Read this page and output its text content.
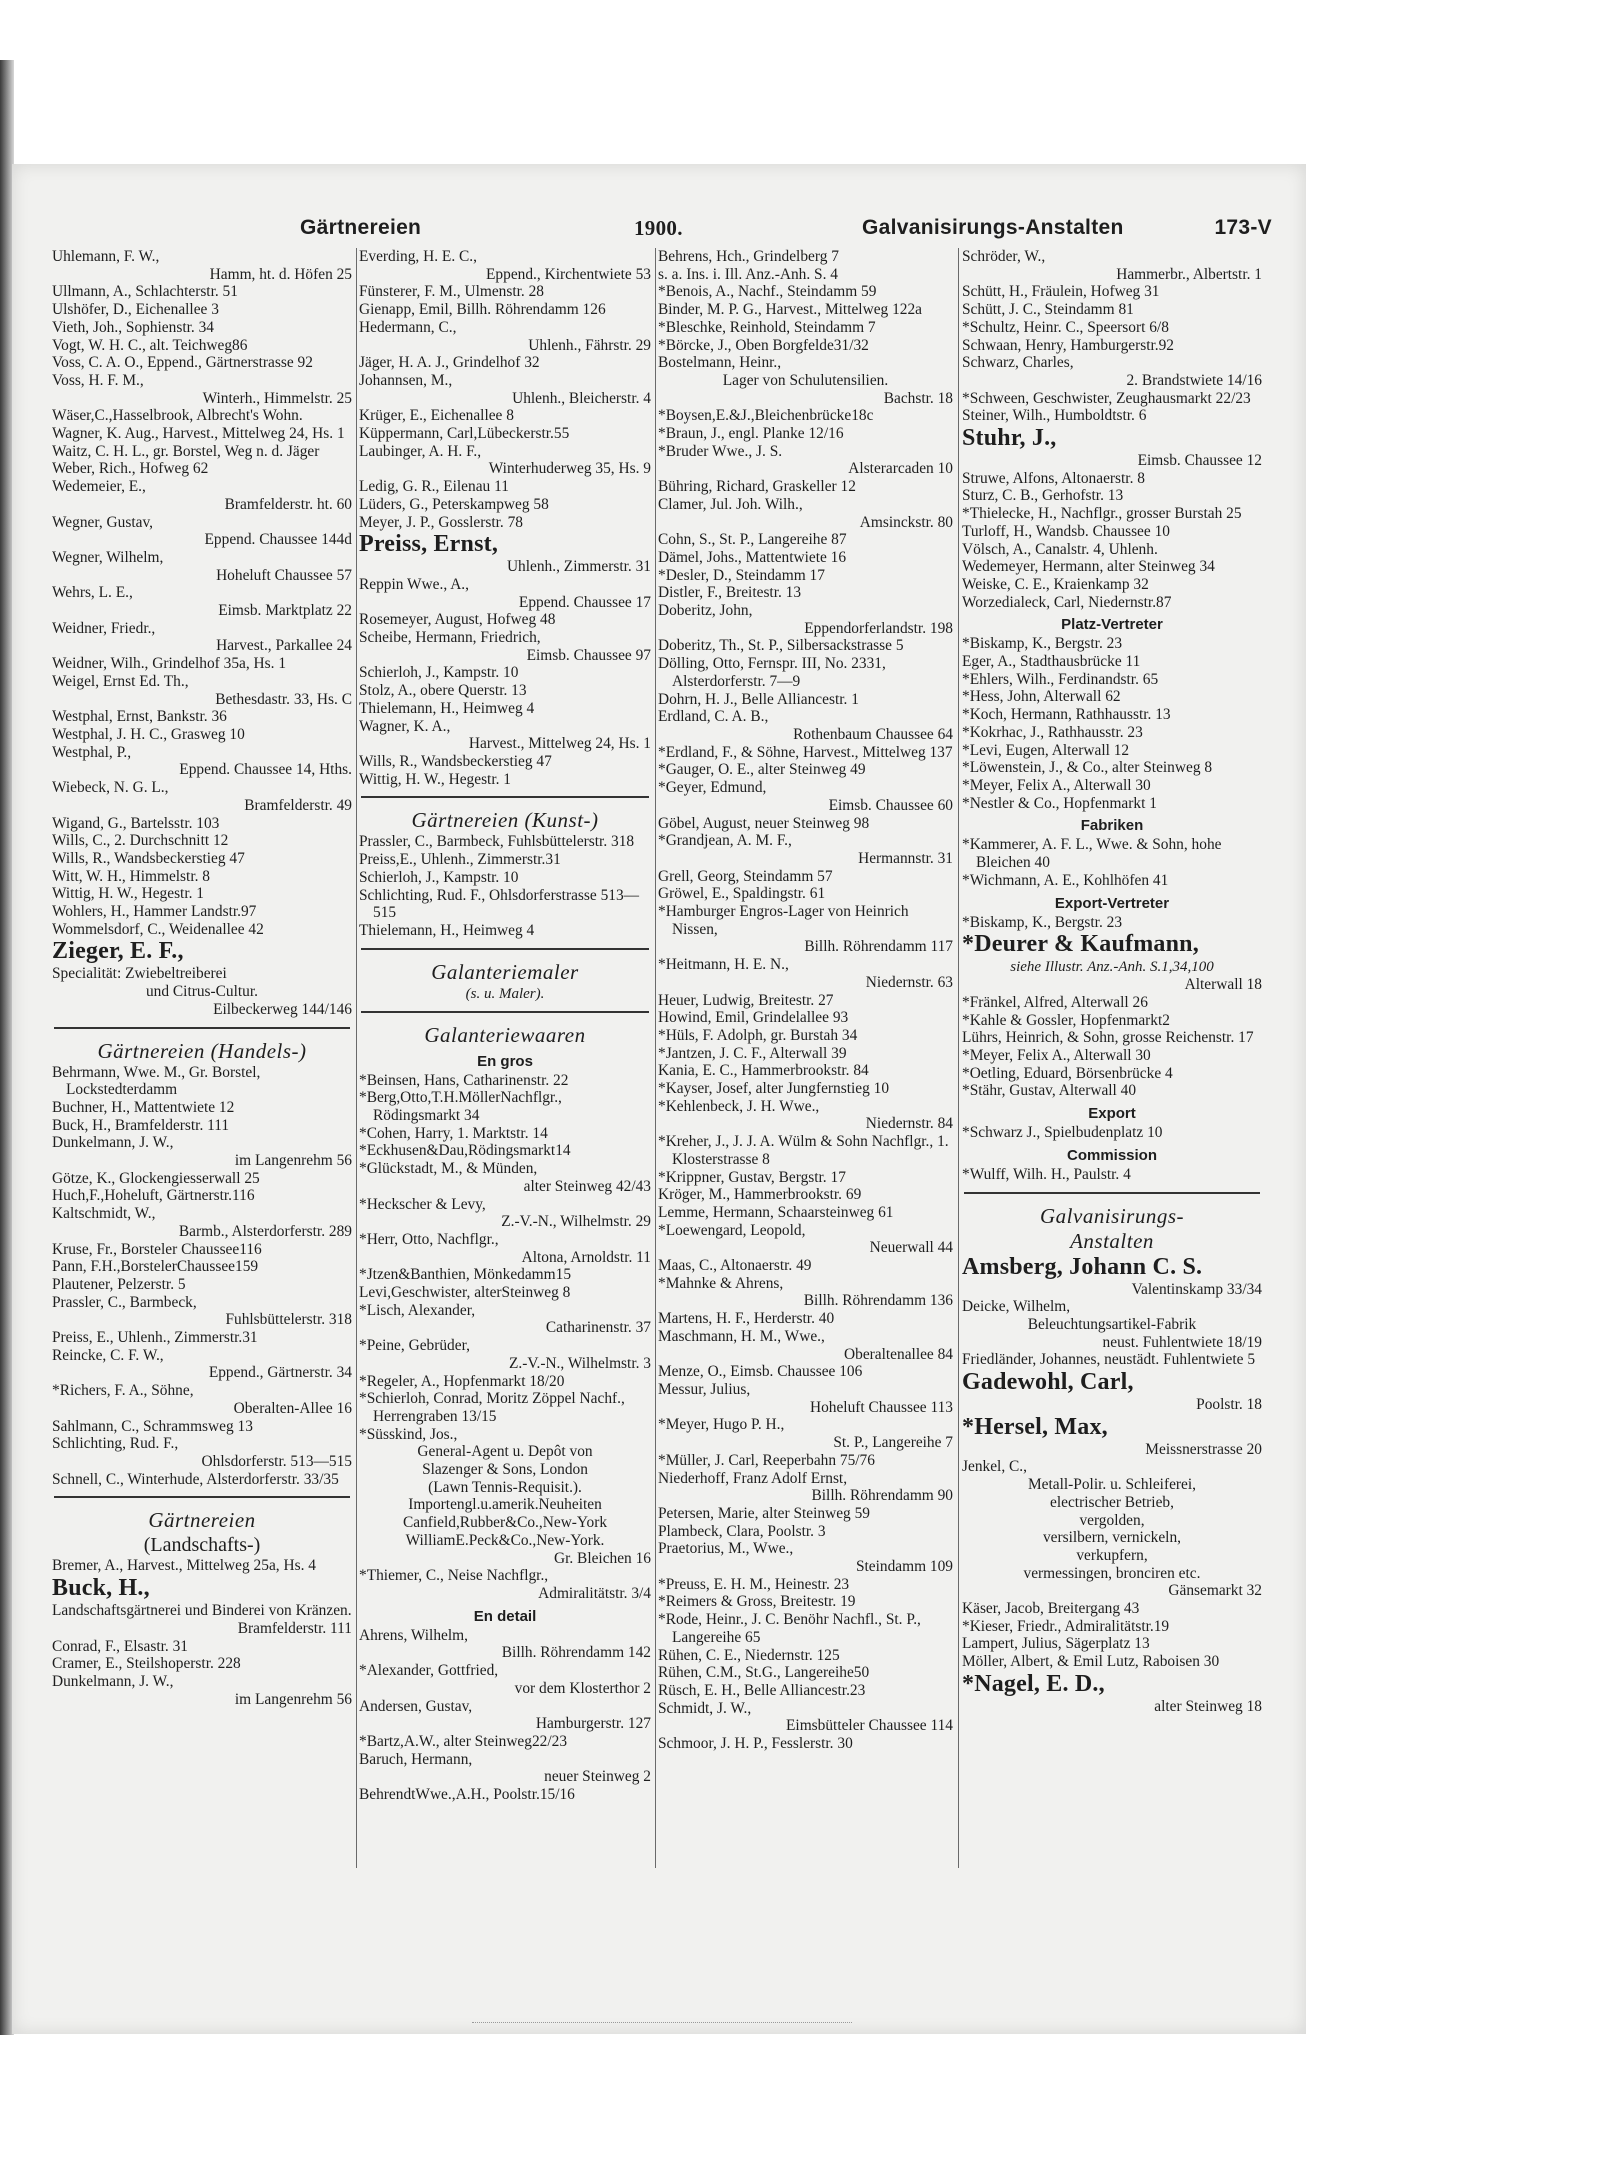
Gärtnereien	1900.	Galvanisirungs-Anstalten	173-V

Uhlemann, F. W.,
Hamm, ht. d. Höfen 25

Ullmann, A., Schlachterstr. 51

Ulshöfer, D., Eichenallee 3

Vieth, Joh., Sophienstr. 34

Vogt, W. H. C., alt. Teichweg86

Voss, C. A. O., Eppend., Gärtnerstrasse 92

Voss, H. F. M.,
Winterh., Himmelstr. 25

Wäser,C.,Hasselbrook, Albrecht's Wohn.

Wagner, K. Aug., Harvest., Mittelweg 24, Hs. 1

Waitz, C. H. L., gr. Borstel, Weg n. d. Jäger

Weber, Rich., Hofweg 62

Wedemeier, E.,
Bramfelderstr. ht. 60

Wegner, Gustav,
Eppend. Chaussee 144d

Wegner, Wilhelm,
Hoheluft Chaussee 57

Wehrs, L. E.,
Eimsb. Marktplatz 22

Weidner, Friedr.,
Harvest., Parkallee 24

Weidner, Wilh., Grindelhof 35a, Hs. 1

Weigel, Ernst Ed. Th.,
Bethesdastr. 33, Hs. C

Westphal, Ernst, Bankstr. 36

Westphal, J. H. C., Grasweg 10

Westphal, P.,
Eppend. Chaussee 14, Hths.

Wiebeck, N. G. L.,
Bramfelderstr. 49

Wigand, G., Bartelsstr. 103

Wills, C., 2. Durchschnitt 12

Wills, R., Wandsbeckerstieg 47

Witt, W. H., Himmelstr. 8

Wittig, H. W., Hegestr. 1

Wohlers, H., Hammer Landstr.97

Wommelsdorf, C., Weidenallee 42

Zieger, E. F.,

Specialität: Zwiebeltreiberei

und Citrus-Cultur.

Eilbeckerweg 144/146

Gärtnereien (Handels-)

Behrmann, Wwe. M., Gr. Borstel, Lockstedterdamm

Buchner, H., Mattentwiete 12

Buck, H., Bramfelderstr. 111

Dunkelmann, J. W.,
im Langenrehm 56

Götze, K., Glockengiesserwall 25

Huch,F.,Hoheluft, Gärtnerstr.116

Kaltschmidt, W.,
Barmb., Alsterdorferstr. 289

Kruse, Fr., Borsteler Chaussee116

Pann, F.H.,BorstelerChaussee159

Plautener, Pelzerstr. 5

Prassler, C., Barmbeck,
Fuhlsbüttelerstr. 318

Preiss, E., Uhlenh., Zimmerstr.31

Reincke, C. F. W.,
Eppend., Gärtnerstr. 34

*Richers, F. A., Söhne,
Oberalten-Allee 16

Sahlmann, C., Schrammsweg 13

Schlichting, Rud. F.,
Ohlsdorferstr. 513—515

Schnell, C., Winterhude, Alsterdorferstr. 33/35

Gärtnereien
(Landschafts-)

Bremer, A., Harvest., Mittelweg 25a, Hs. 4

Buck, H.,

Landschaftsgärtnerei und Binderei von Kränzen.
Bramfelderstr. 111

Conrad, F., Elsastr. 31

Cramer, E., Steilshoperstr. 228

Dunkelmann, J. W.,
im Langenrehm 56

Everding, H. E. C.,
Eppend., Kirchentwiete 53

Fünsterer, F. M., Ulmenstr. 28

Gienapp, Emil, Billh. Röhrendamm 126

Hedermann, C.,
Uhlenh., Fährstr. 29

Jäger, H. A. J., Grindelhof 32

Johannsen, M.,
Uhlenh., Bleicherstr. 4

Krüger, E., Eichenallee 8

Küppermann, Carl,Lübeckerstr.55

Laubinger, A. H. F.,
Winterhuderweg 35, Hs. 9

Ledig, G. R., Eilenau 11

Lüders, G., Peterskampweg 58

Meyer, J. P., Gosslerstr. 78

Preiss, Ernst,

Uhlenh., Zimmerstr. 31

Reppin Wwe., A.,
Eppend. Chaussee 17

Rosemeyer, August, Hofweg 48

Scheibe, Hermann, Friedrich,
Eimsb. Chaussee 97

Schierloh, J., Kampstr. 10

Stolz, A., obere Querstr. 13

Thielemann, H., Heimweg 4

Wagner, K. A.,
Harvest., Mittelweg 24, Hs. 1

Wills, R., Wandsbeckerstieg 47

Wittig, H. W., Hegestr. 1

Gärtnereien (Kunst-)

Prassler, C., Barmbeck, Fuhlsbüttelerstr. 318

Preiss,E., Uhlenh., Zimmerstr.31

Schierloh, J., Kampstr. 10

Schlichting, Rud. F., Ohlsdorferstrasse 513—515

Thielemann, H., Heimweg 4

Galanteriemaler
(s. u. Maler).
Galanteriewaaren
En gros

*Beinsen, Hans, Catharinenstr. 22

*Berg,Otto,T.H.MöllerNachflgr., Rödingsmarkt 34

*Cohen, Harry, 1. Marktstr. 14

*Eckhusen&Dau,Rödingsmarkt14

*Glückstadt, M., & Münden,
alter Steinweg 42/43

*Heckscher & Levy,
Z.-V.-N., Wilhelmstr. 29

*Herr, Otto, Nachflgr.,
Altona, Arnoldstr. 11

*Jtzen&Banthien, Mönkedamm15

Levi,Geschwister, alterSteinweg 8

*Lisch, Alexander,
Catharinenstr. 37

*Peine, Gebrüder,
Z.-V.-N., Wilhelmstr. 3

*Regeler, A., Hopfenmarkt 18/20

*Schierloh, Conrad, Moritz Zöppel Nachf., Herrengraben 13/15

*Süsskind, Jos.,

General-Agent u. Depôt von

Slazenger & Sons, London

(Lawn Tennis-Requisit.).

Importengl.u.amerik.Neuheiten

Canfield,Rubber&Co.,New-York

WilliamE.Peck&Co.,New-York.

Gr. Bleichen 16

*Thiemer, C., Neise Nachflgr.,
Admiralitätstr. 3/4

En detail

Ahrens, Wilhelm,
Billh. Röhrendamm 142

*Alexander, Gottfried,
vor dem Klosterthor 2

Andersen, Gustav,
Hamburgerstr. 127

*Bartz,A.W., alter Steinweg22/23

Baruch, Hermann,
neuer Steinweg 2

BehrendtWwe.,A.H., Poolstr.15/16

Behrens, Hch., Grindelberg 7

s. a. Ins. i. Ill. Anz.-Anh. S. 4

*Benois, A., Nachf., Steindamm 59

Binder, M. P. G., Harvest., Mittelweg 122a

*Bleschke, Reinhold, Steindamm 7

*Börcke, J., Oben Borgfelde31/32

Bostelmann, Heinr.,

Lager von Schulutensilien.

Bachstr. 18

*Boysen,E.&J.,Bleichenbrücke18c

*Braun, J., engl. Planke 12/16

*Bruder Wwe., J. S.
Alsterarcaden 10

Bühring, Richard, Graskeller 12

Clamer, Jul. Joh. Wilh.,
Amsinckstr. 80

Cohn, S., St. P., Langereihe 87

Dämel, Johs., Mattentwiete 16

*Desler, D., Steindamm 17

Distler, F., Breitestr. 13

Doberitz, John,
Eppendorferlandstr. 198

Doberitz, Th., St. P., Silbersackstrasse 5

Dölling, Otto, Fernspr. III, No. 2331, Alsterdorferstr. 7—9

Dohrn, H. J., Belle Alliancestr. 1

Erdland, C. A. B.,
Rothenbaum Chaussee 64

*Erdland, F., & Söhne, Harvest., Mittelweg 137

*Gauger, O. E., alter Steinweg 49

*Geyer, Edmund,
Eimsb. Chaussee 60

Göbel, August, neuer Steinweg 98

*Grandjean, A. M. F.,
Hermannstr. 31

Grell, Georg, Steindamm 57

Gröwel, E., Spaldingstr. 61

*Hamburger Engros-Lager von Heinrich Nissen,
Billh. Röhrendamm 117

*Heitmann, H. E. N.,
Niedernstr. 63

Heuer, Ludwig, Breitestr. 27

Howind, Emil, Grindelallee 93

*Hüls, F. Adolph, gr. Burstah 34

*Jantzen, J. C. F., Alterwall 39

Kania, E. C., Hammerbrookstr. 84

*Kayser, Josef, alter Jungfernstieg 10

*Kehlenbeck, J. H. Wwe.,
Niedernstr. 84

*Kreher, J., J. J. A. Wülm & Sohn Nachflgr., 1. Klosterstrasse 8

*Krippner, Gustav, Bergstr. 17

Kröger, M., Hammerbrookstr. 69

Lemme, Hermann, Schaarsteinweg 61

*Loewengard, Leopold,
Neuerwall 44

Maas, C., Altonaerstr. 49

*Mahnke & Ahrens,
Billh. Röhrendamm 136

Martens, H. F., Herderstr. 40

Maschmann, H. M., Wwe.,
Oberaltenallee 84

Menze, O., Eimsb. Chaussee 106

Messur, Julius,
Hoheluft Chaussee 113

*Meyer, Hugo P. H.,
St. P., Langereihe 7

*Müller, J. Carl, Reeperbahn 75/76

Niederhoff, Franz Adolf Ernst,
Billh. Röhrendamm 90

Petersen, Marie, alter Steinweg 59

Plambeck, Clara, Poolstr. 3

Praetorius, M., Wwe.,
Steindamm 109

*Preuss, E. H. M., Heinestr. 23

*Reimers & Gross, Breitestr. 19

*Rode, Heinr., J. C. Benöhr Nachfl., St. P., Langereihe 65

Rühen, C. E., Niedernstr. 125

Rühen, C.M., St.G., Langereihe50

Rüsch, E. H., Belle Alliancestr.23

Schmidt, J. W.,
Eimsbütteler Chaussee 114

Schmoor, J. H. P., Fesslerstr. 30

Schröder, W.,
Hammerbr., Albertstr. 1

Schütt, H., Fräulein, Hofweg 31

Schütt, J. C., Steindamm 81

*Schultz, Heinr. C., Speersort 6/8

Schwaan, Henry, Hamburgerstr.92

Schwarz, Charles,
2. Brandstwiete 14/16

*Schween, Geschwister, Zeughausmarkt 22/23

Steiner, Wilh., Humboldtstr. 6

Stuhr, J.,

Eimsb. Chaussee 12

Struwe, Alfons, Altonaerstr. 8

Sturz, C. B., Gerhofstr. 13

*Thielecke, H., Nachflgr., grosser Burstah 25

Turloff, H., Wandsb. Chaussee 10

Völsch, A., Canalstr. 4, Uhlenh.

Wedemeyer, Hermann, alter Steinweg 34

Weiske, C. E., Kraienkamp 32

Worzedialeck, Carl, Niedernstr.87

Platz-Vertreter

*Biskamp, K., Bergstr. 23

Eger, A., Stadthausbrücke 11

*Ehlers, Wilh., Ferdinandstr. 65

*Hess, John, Alterwall 62

*Koch, Hermann, Rathhausstr. 13

*Kokrhac, J., Rathhausstr. 23

*Levi, Eugen, Alterwall 12

*Löwenstein, J., & Co., alter Steinweg 8

*Meyer, Felix A., Alterwall 30

*Nestler & Co., Hopfenmarkt 1

Fabriken

*Kammerer, A. F. L., Wwe. & Sohn, hohe Bleichen 40

*Wichmann, A. E., Kohlhöfen 41

Export-Vertreter

*Biskamp, K., Bergstr. 23

*Deurer & Kaufmann,

siehe Illustr. Anz.-Anh. S.1,34,100

Alterwall 18

*Fränkel, Alfred, Alterwall 26

*Kahle & Gossler, Hopfenmarkt2

Lührs, Heinrich, & Sohn, grosse Reichenstr. 17

*Meyer, Felix A., Alterwall 30

*Oetling, Eduard, Börsenbrücke 4

*Stähr, Gustav, Alterwall 40

Export

*Schwarz J., Spielbudenplatz 10

Commission

*Wulff, Wilh. H., Paulstr. 4

Galvanisirungs-
Anstalten

Amsberg, Johann C. S.

Valentinskamp 33/34

Deicke, Wilhelm,

Beleuchtungsartikel-Fabrik

neust. Fuhlentwiete 18/19

Friedländer, Johannes, neustädt. Fuhlentwiete 5

Gadewohl, Carl,

Poolstr. 18

*Hersel, Max,

Meissnerstrasse 20

Jenkel, C.,

Metall-Polir. u. Schleiferei,

electrischer Betrieb,

vergolden,

versilbern, vernickeln,

verkupfern,

vermessingen, bronciren etc.

Gänsemarkt 32

Käser, Jacob, Breitergang 43

*Kieser, Friedr., Admiralitätstr.19

Lampert, Julius, Sägerplatz 13

Möller, Albert, & Emil Lutz, Raboisen 30

*Nagel, E. D.,

alter Steinweg 18
